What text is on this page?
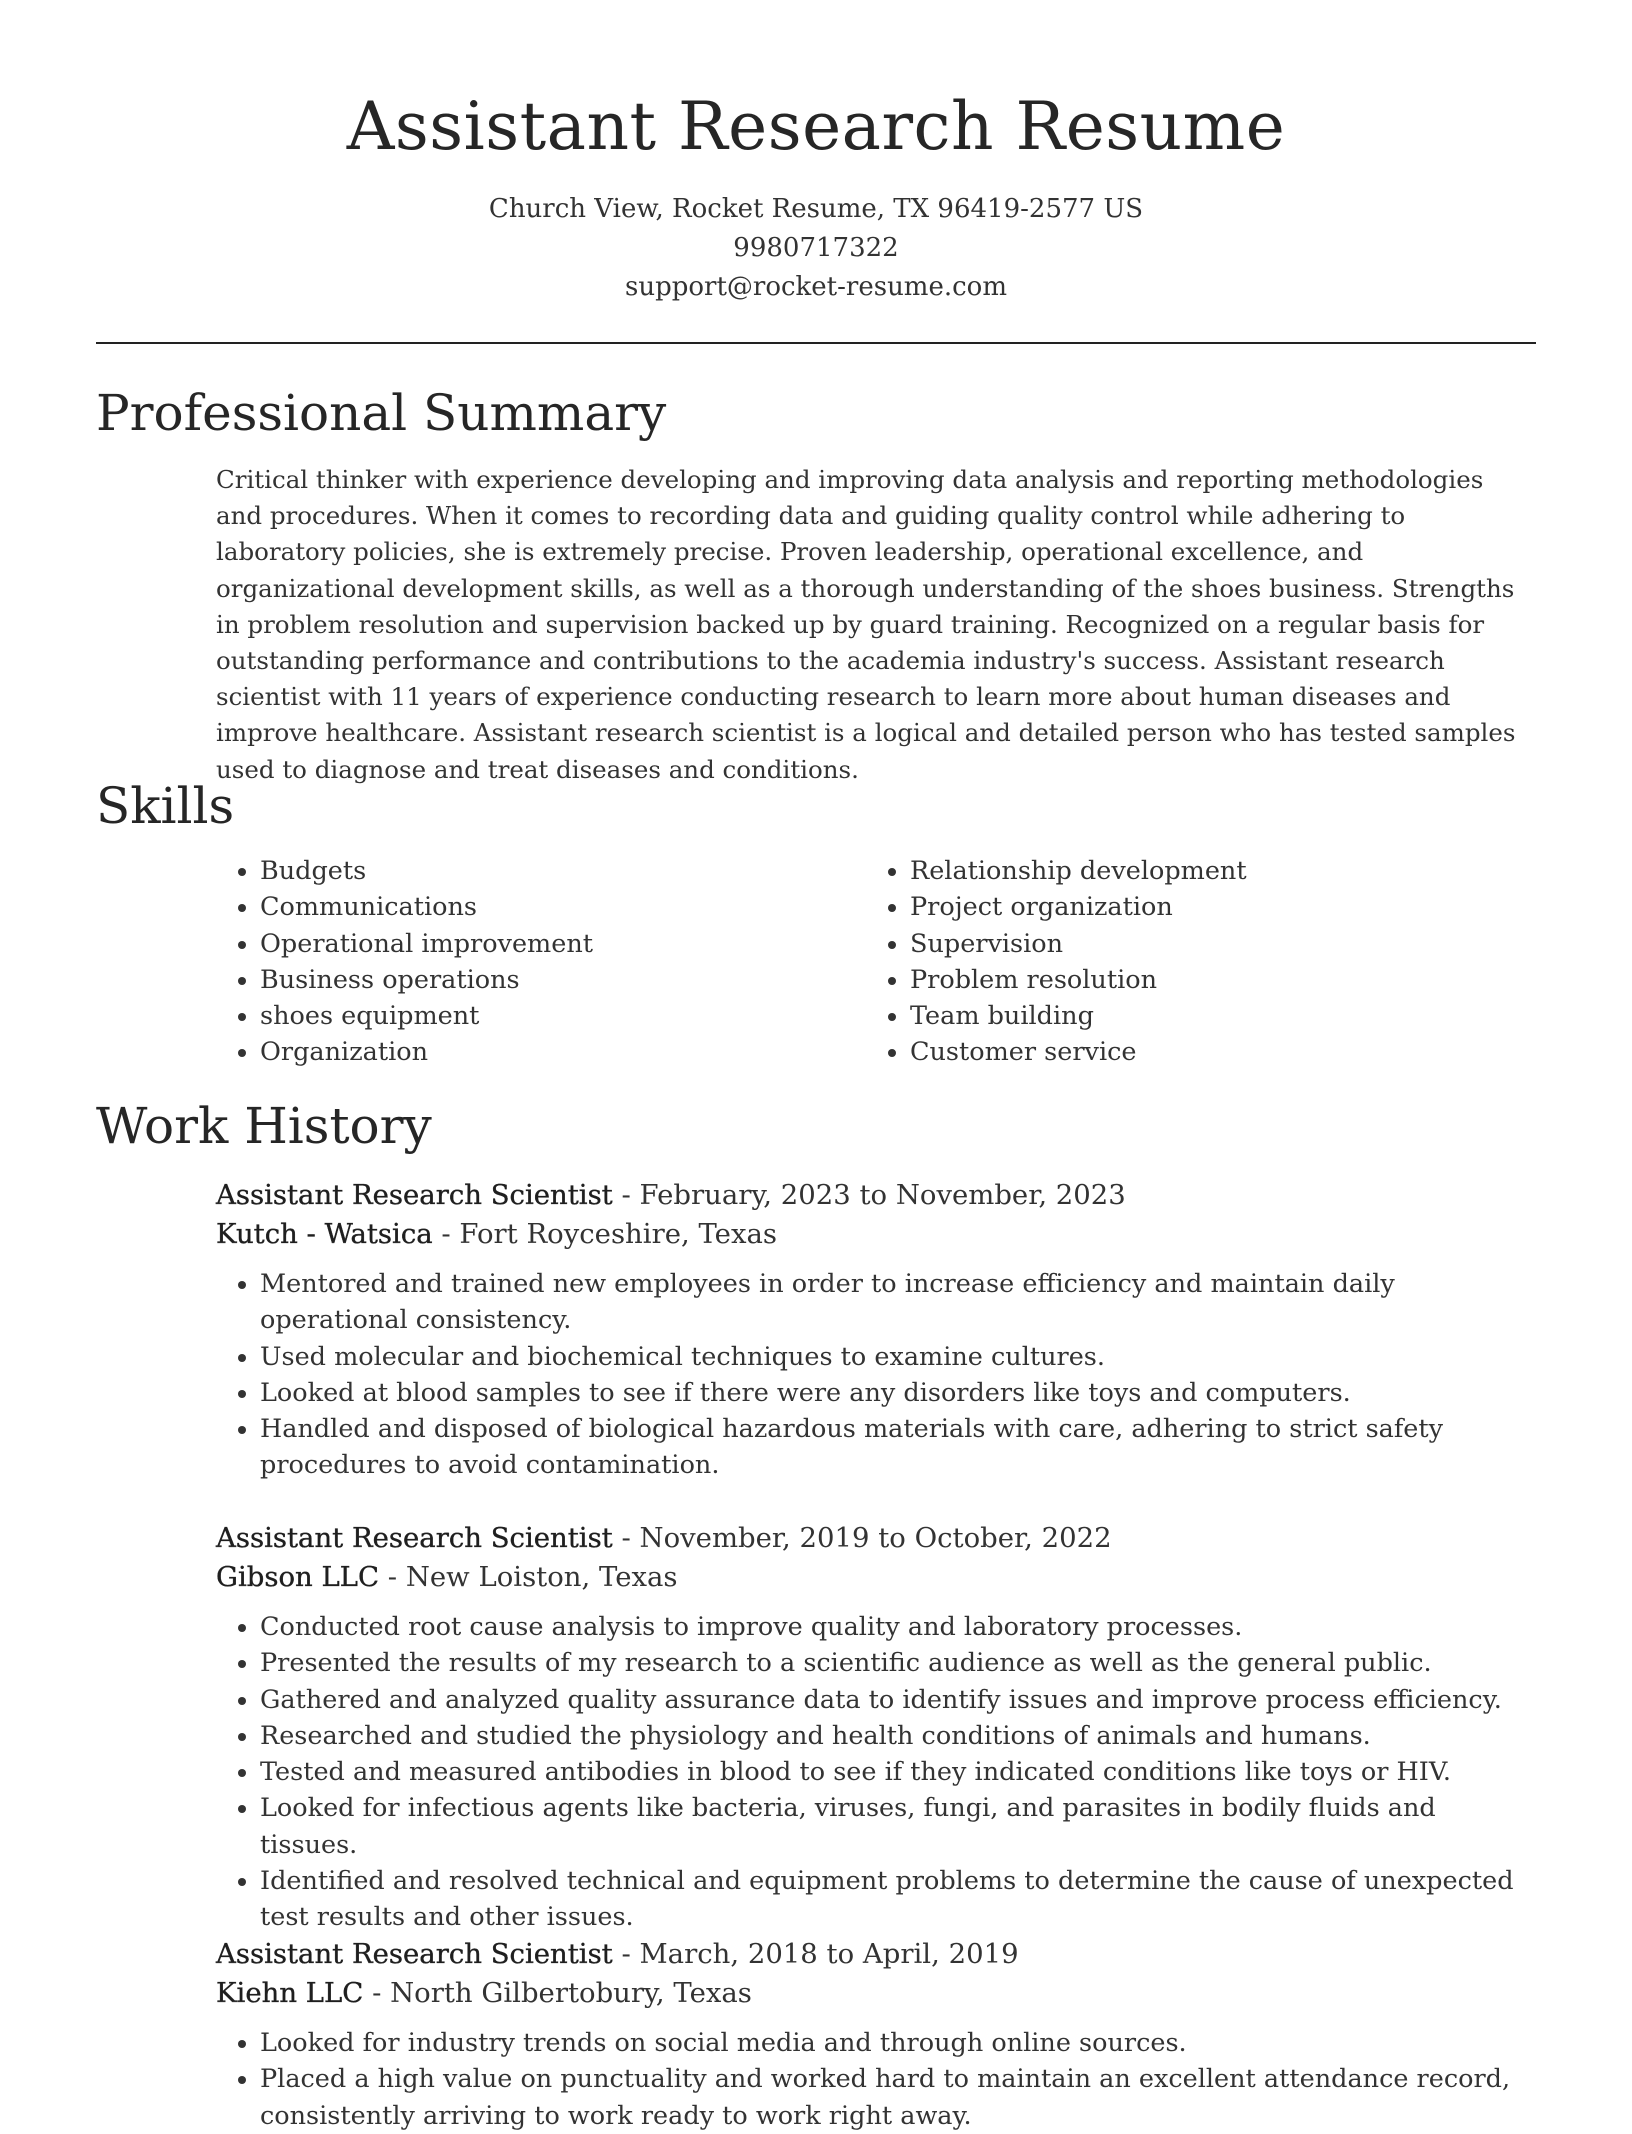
Assistant Research Resume
Church View, Rocket Resume, TX 96419-2577 US
9980717322
support@rocket-resume.com
Professional Summary

Critical thinker with experience developing and improving data analysis and reporting methodologies and procedures. When it comes to recording data and guiding quality control while adhering to laboratory policies, she is extremely precise. Proven leadership, operational excellence, and organizational development skills, as well as a thorough understanding of the shoes business. Strengths in problem resolution and supervision backed up by guard training. Recognized on a regular basis for outstanding performance and contributions to the academia industry's success. Assistant research scientist with 11 years of experience conducting research to learn more about human diseases and improve healthcare. Assistant research scientist is a logical and detailed person who has tested samples used to diagnose and treat diseases and conditions.

Skills
• Budgets
• Communications
• Operational improvement
• Business operations
• shoes equipment
• Organization
• Relationship development
• Project organization
• Supervision
• Problem resolution
• Team building
• Customer service
Work History

Assistant Research Scientist - February, 2023 to November, 2023

Kutch - Watsica - Fort Royceshire, Texas

• Mentored and trained new employees in order to increase efficiency and maintain daily operational consistency.
• Used molecular and biochemical techniques to examine cultures.
• Looked at blood samples to see if there were any disorders like toys and computers.
• Handled and disposed of biological hazardous materials with care, adhering to strict safety procedures to avoid contamination.

Assistant Research Scientist - November, 2019 to October, 2022

Gibson LLC - New Loiston, Texas

• Conducted root cause analysis to improve quality and laboratory processes.
• Presented the results of my research to a scientific audience as well as the general public.
• Gathered and analyzed quality assurance data to identify issues and improve process efficiency.
• Researched and studied the physiology and health conditions of animals and humans.
• Tested and measured antibodies in blood to see if they indicated conditions like toys or HIV.
• Looked for infectious agents like bacteria, viruses, fungi, and parasites in bodily fluids and tissues.
• Identified and resolved technical and equipment problems to determine the cause of unexpected test results and other issues.

Assistant Research Scientist - March, 2018 to April, 2019

Kiehn LLC - North Gilbertobury, Texas

• Looked for industry trends on social media and through online sources.
• Placed a high value on punctuality and worked hard to maintain an excellent attendance record, consistently arriving to work ready to work right away.
